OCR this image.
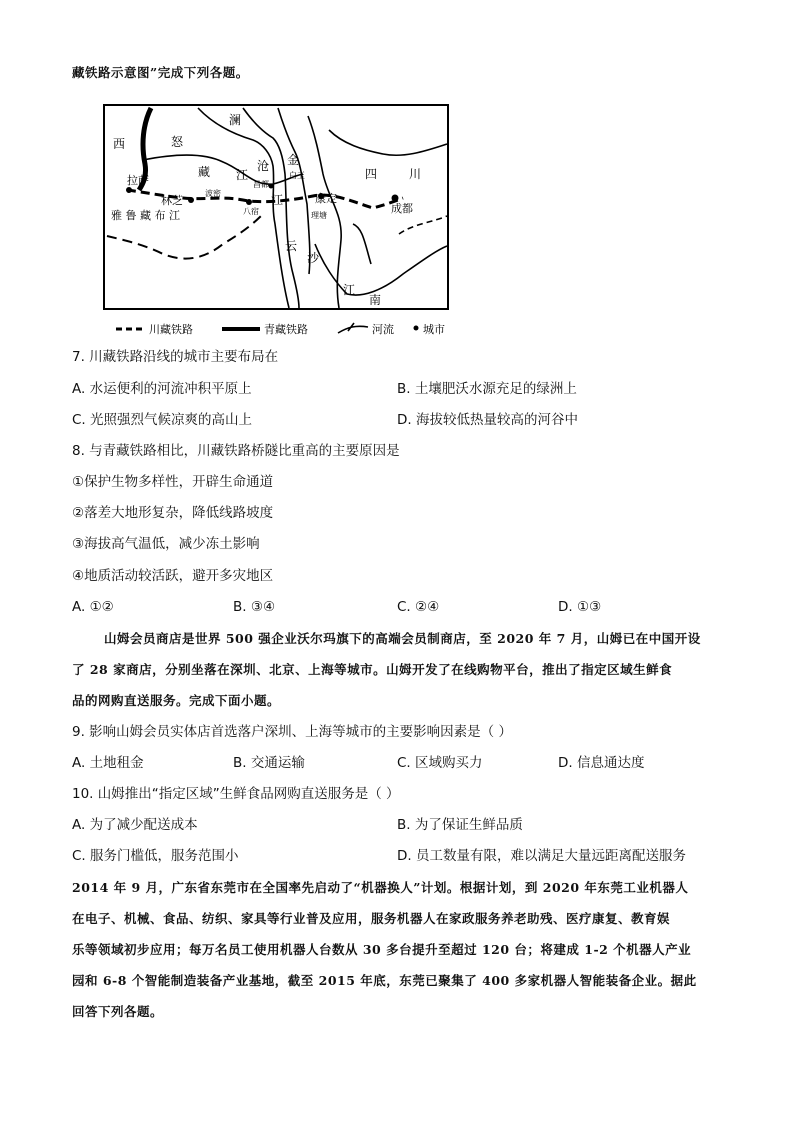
藏铁路示意图”完成下列各题。
西	怒
澜
沧 金
拉萨
藏
林芝
波密
江
昌都
白玉	四	川
康定
成都
雅 鲁 藏 布 江	八宿
江
理塘
沙
云
江
南
川藏铁路	青藏铁路	河流	城市
7. 川藏铁路沿线的城市主要布局在
A. 水运便利的河流冲积平原上	B. 土壤肥沃水源充足的绿洲上
C. 光照强烈气候凉爽的高山上	D. 海拔较低热量较高的河谷中
8. 与青藏铁路相比，川藏铁路桥隧比重高的主要原因是
①保护生物多样性，开辟生命通道
②落差大地形复杂，降低线路坡度
③海拔高气温低，减少冻土影响
④地质活动较活跃，避开多灾地区
A. ①②	B. ③④	C. ②④	D. ①③
山姆会员商店是世界 500 强企业沃尔玛旗下的高端会员制商店，至 2020 年 7 月，山姆已在中国开设
了 28 家商店，分别坐落在深圳、北京、上海等城市。山姆开发了在线购物平台，推出了指定区域生鲜食
品的网购直送服务。完成下面小题。
9. 影响山姆会员实体店首选落户深圳、上海等城市的主要影响因素是（ ）
A. 土地租金	B. 交通运输	C. 区域购买力	D. 信息通达度
10. 山姆推出“指定区域”生鲜食品网购直送服务是（ ）
A. 为了减少配送成本	B. 为了保证生鲜品质
C. 服务门槛低，服务范围小	D. 员工数量有限，难以满足大量远距离配送服务
2014 年 9 月，广东省东莞市在全国率先启动了“机器换人”计划。根据计划，到 2020 年东莞工业机器人
在电子、机械、食品、纺织、家具等行业普及应用，服务机器人在家政服务养老助残、医疗康复、教育娱
乐等领域初步应用；每万名员工使用机器人台数从 30 多台提升至超过 120 台；将建成 1-2 个机器人产业
园和 6-8 个智能制造装备产业基地，截至 2015 年底，东莞已聚集了 400 多家机器人智能装备企业。据此
回答下列各题。
